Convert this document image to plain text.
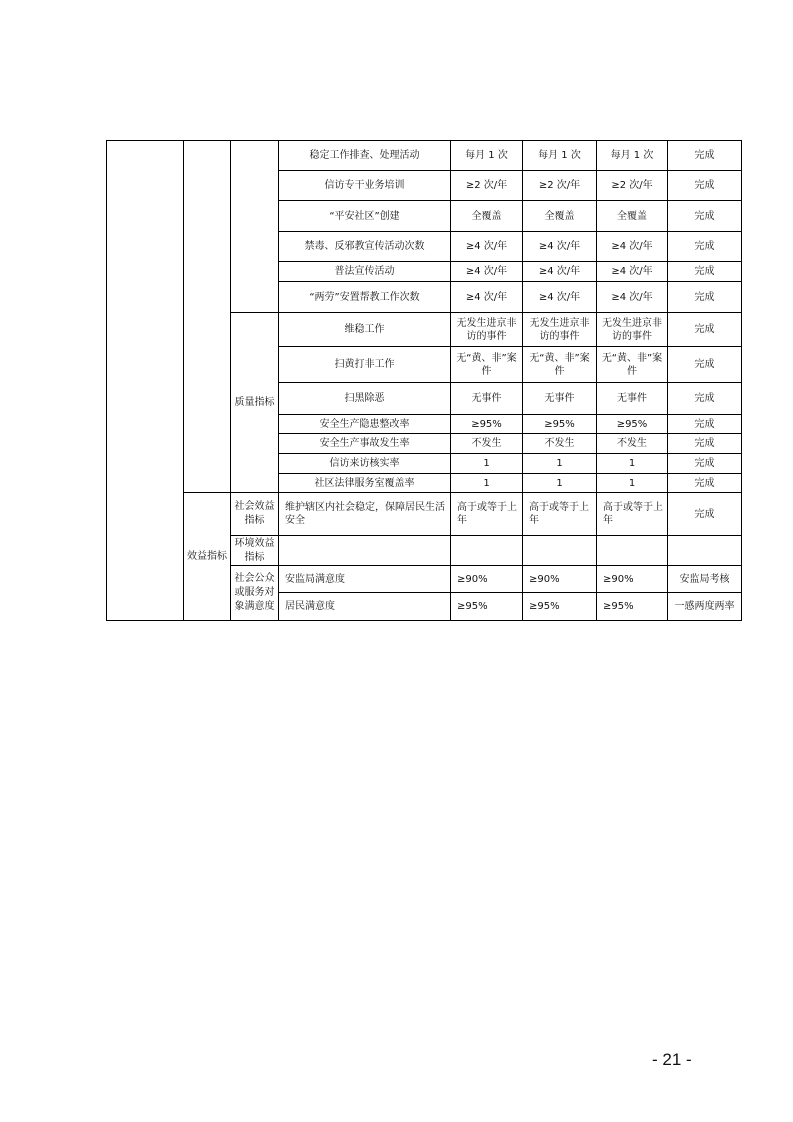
			稳定工作排查、处理活动	每月 1 次	每月 1 次	每月 1 次	完成
			信访专干业务培训	≥2 次/年	≥2 次/年	≥2 次/年	完成
			“平安社区”创建	全覆盖	全覆盖	全覆盖	完成
			禁毒、反邪教宣传活动次数	≥4 次/年	≥4 次/年	≥4 次/年	完成
			普法宣传活动	≥4 次/年	≥4 次/年	≥4 次/年	完成
			“两劳”安置帮教工作次数	≥4 次/年	≥4 次/年	≥4 次/年	完成
		质量指标	维稳工作	无发生进京非访的事件	无发生进京非访的事件	无发生进京非访的事件	完成
			扫黄打非工作	无“黄、非”案件	无“黄、非”案件	无“黄、非”案件	完成
			扫黑除恶	无事件	无事件	无事件	完成
			安全生产隐患整改率	≥95%	≥95%	≥95%	完成
			安全生产事故发生率	不发生	不发生	不发生	完成
			信访来访核实率	1	1	1	完成
			社区法律服务室覆盖率	1	1	1	完成
	效益指标	社会效益指标	维护辖区内社会稳定，保障居民生活安全	高于或等于上年	高于或等于上年	高于或等于上年	完成
		环境效益指标					
		社会公众或服务对象满意度	安监局满意度	≥90%	≥90%	≥90%	安监局考核
			居民满意度	≥95%	≥95%	≥95%	一感两度两率
- 21 -
